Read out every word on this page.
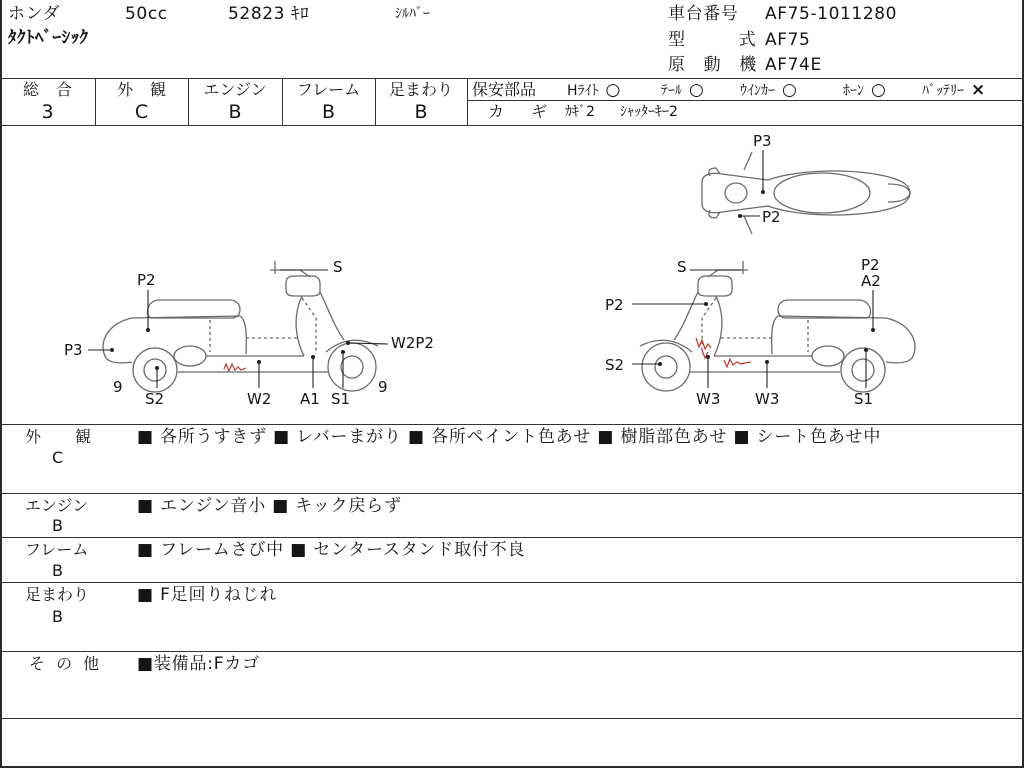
ホンダ	50cc	52823 ｷﾛ	ｼﾙﾊﾞｰ
ﾀｸﾄﾍﾞｰｼｯｸ
車台番号 AF75-1011280
型 式 AF75
原 動 機 AF74E
総 合
3
外 観
C
エンジン
B
フレーム
B
足まわり
B
保安部品 Hﾗｲﾄ ○	ﾃｰﾙ ○	ｳｲﾝｶｰ ○	ﾎｰﾝ ○	ﾊﾞｯﾃﾘｰ ×
カ ギ ｶｷﾞ2 ｼｬｯﾀｰｷｰ2
S
P2
P3	W2P2
9	9
S2	W2 A1 S1
P3
P2
S	P2
A2
P2
S2
W3 W3	S1
外 観
C
■ 各所うすきず ■ レバーまがり ■ 各所ペイント色あせ ■ 樹脂部色あせ ■ シート色あせ中
エンジン
B
■ エンジン音小 ■ キック戻らず
フレーム
B
■ フレームさび中 ■ センタースタンド取付不良
足まわり
B
■ F足回りねじれ
そ の 他 ■装備品:Fカゴ
